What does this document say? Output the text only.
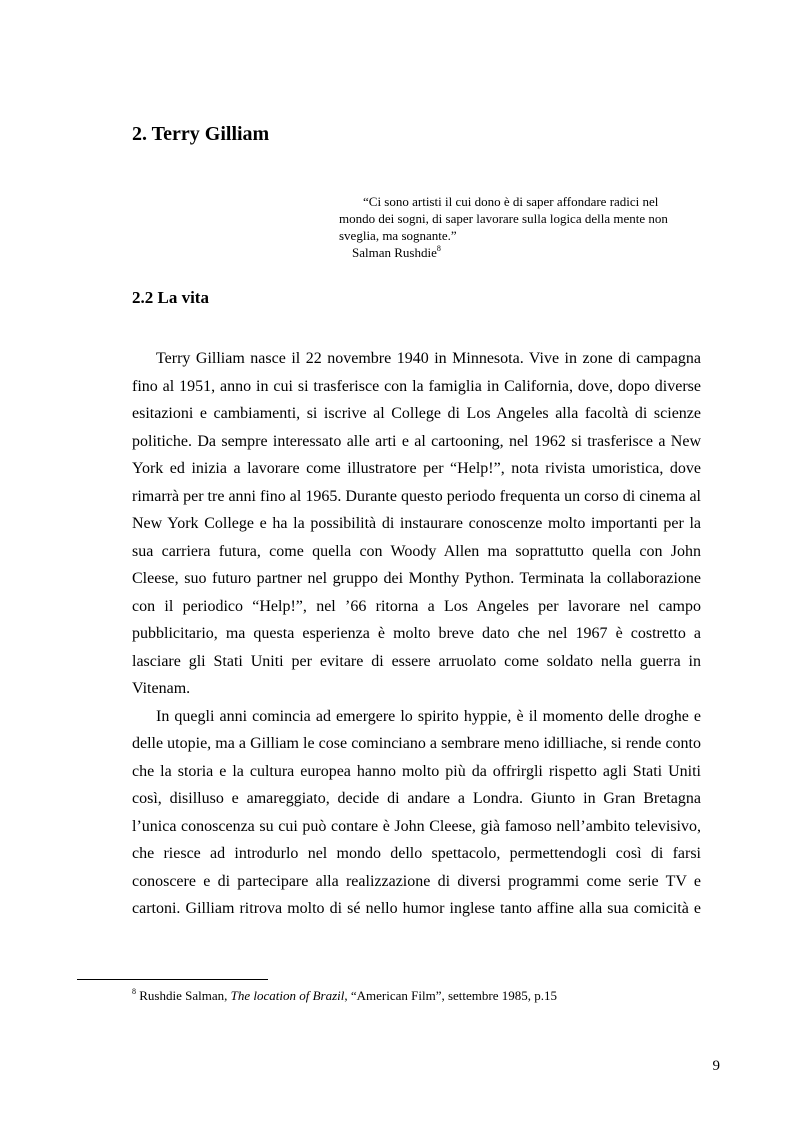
2. Terry Gilliam
“Ci sono artisti il cui dono è di saper affondare radici nel
mondo dei sogni, di saper lavorare sulla logica della mente non
sveglia, ma sognante.”
Salman Rushdie$^8$
2.2 La vita
Terry Gilliam nasce il 22 novembre 1940 in Minnesota. Vive in zone di campagna
fino al 1951, anno in cui si trasferisce con la famiglia in California, dove, dopo diverse
esitazioni e cambiamenti, si iscrive al College di Los Angeles alla facoltà di scienze
politiche. Da sempre interessato alle arti e al cartooning, nel 1962 si trasferisce a New
York ed inizia a lavorare come illustratore per “Help!”, nota rivista umoristica, dove
rimarrà per tre anni fino al 1965. Durante questo periodo frequenta un corso di cinema al
New York College e ha la possibilità di instaurare conoscenze molto importanti per la
sua carriera futura, come quella con Woody Allen ma soprattutto quella con John
Cleese, suo futuro partner nel gruppo dei Monthy Python. Terminata la collaborazione
con il periodico “Help!”, nel ’66 ritorna a Los Angeles per lavorare nel campo
pubblicitario, ma questa esperienza è molto breve dato che nel 1967 è costretto a
lasciare gli Stati Uniti per evitare di essere arruolato come soldato nella guerra in
Vitenam.
In quegli anni comincia ad emergere lo spirito hyppie, è il momento delle droghe e
delle utopie, ma a Gilliam le cose cominciano a sembrare meno idilliache, si rende conto
che la storia e la cultura europea hanno molto più da offrirgli rispetto agli Stati Uniti
così, disilluso e amareggiato, decide di andare a Londra. Giunto in Gran Bretagna
l’unica conoscenza su cui può contare è John Cleese, già famoso nell’ambito televisivo,
che riesce ad introdurlo nel mondo dello spettacolo, permettendogli così di farsi
conoscere e di partecipare alla realizzazione di diversi programmi come serie TV e
cartoni. Gilliam ritrova molto di sé nello humor inglese tanto affine alla sua comicità e
$^8$ Rushdie Salman, The location of Brazil, “American Film”, settembre 1985, p.15
9
